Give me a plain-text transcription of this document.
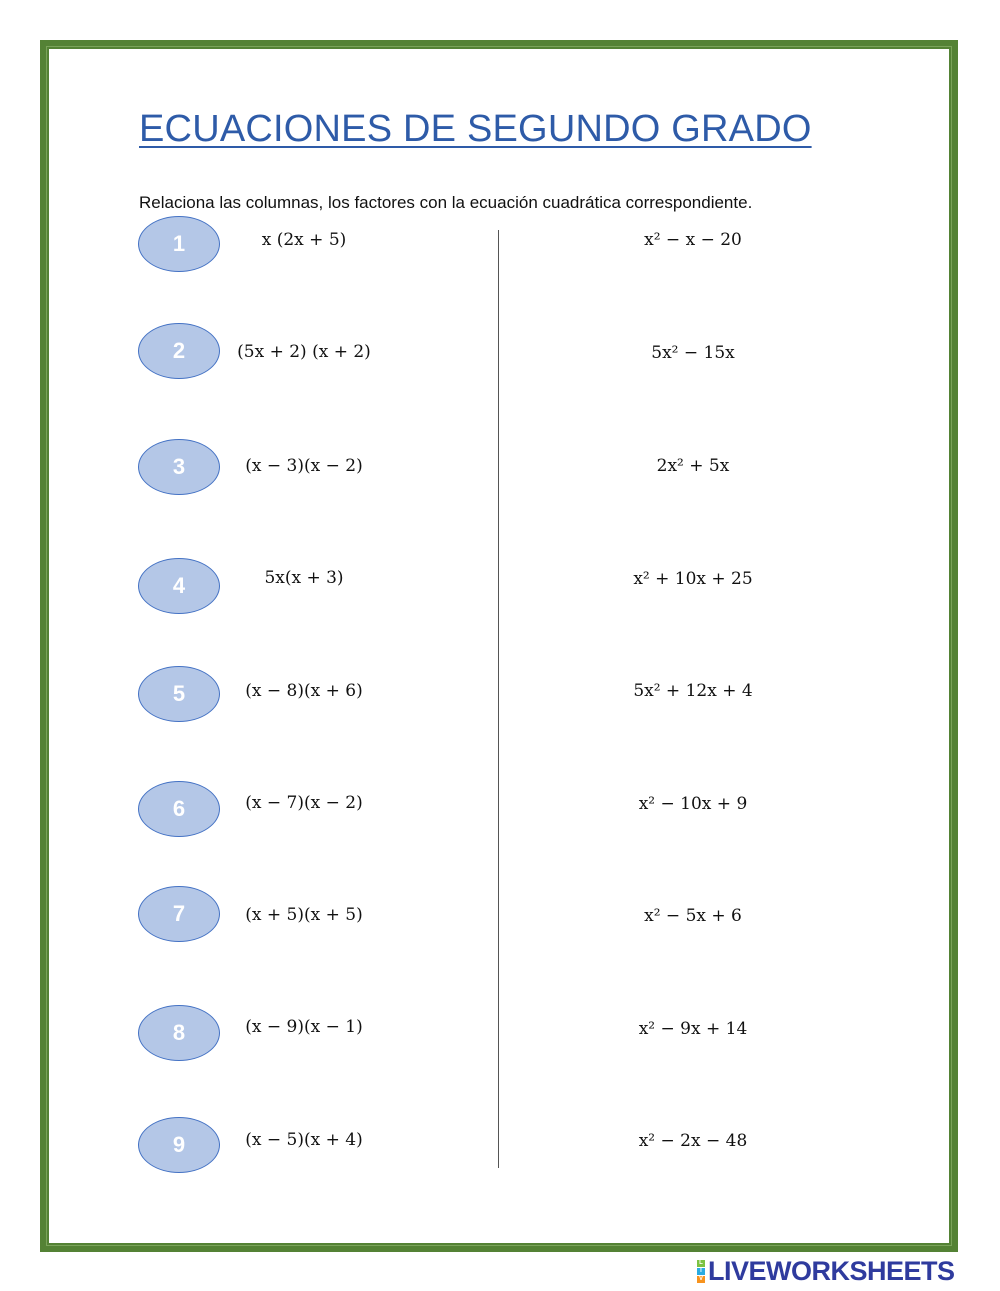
ECUACIONES DE SEGUNDO GRADO

Relaciona las columnas, los factores con la ecuación cuadrática correspondiente.

1	x (2x + 5)	x² − x − 20
2	(5x + 2) (x + 2)	5x² − 15x
3	(x − 3)(x − 2)	2x² + 5x
4	5x(x + 3)	x² + 10x + 25
5	(x − 8)(x + 6)	5x² + 12x + 4
6	(x − 7)(x − 2)	x² − 10x + 9
7	(x + 5)(x + 5)	x² − 5x + 6
8	(x − 9)(x − 1)	x² − 9x + 14
9	(x − 5)(x + 4)	x² − 2x − 48
L
I
V LIVEWORKSHEETS
